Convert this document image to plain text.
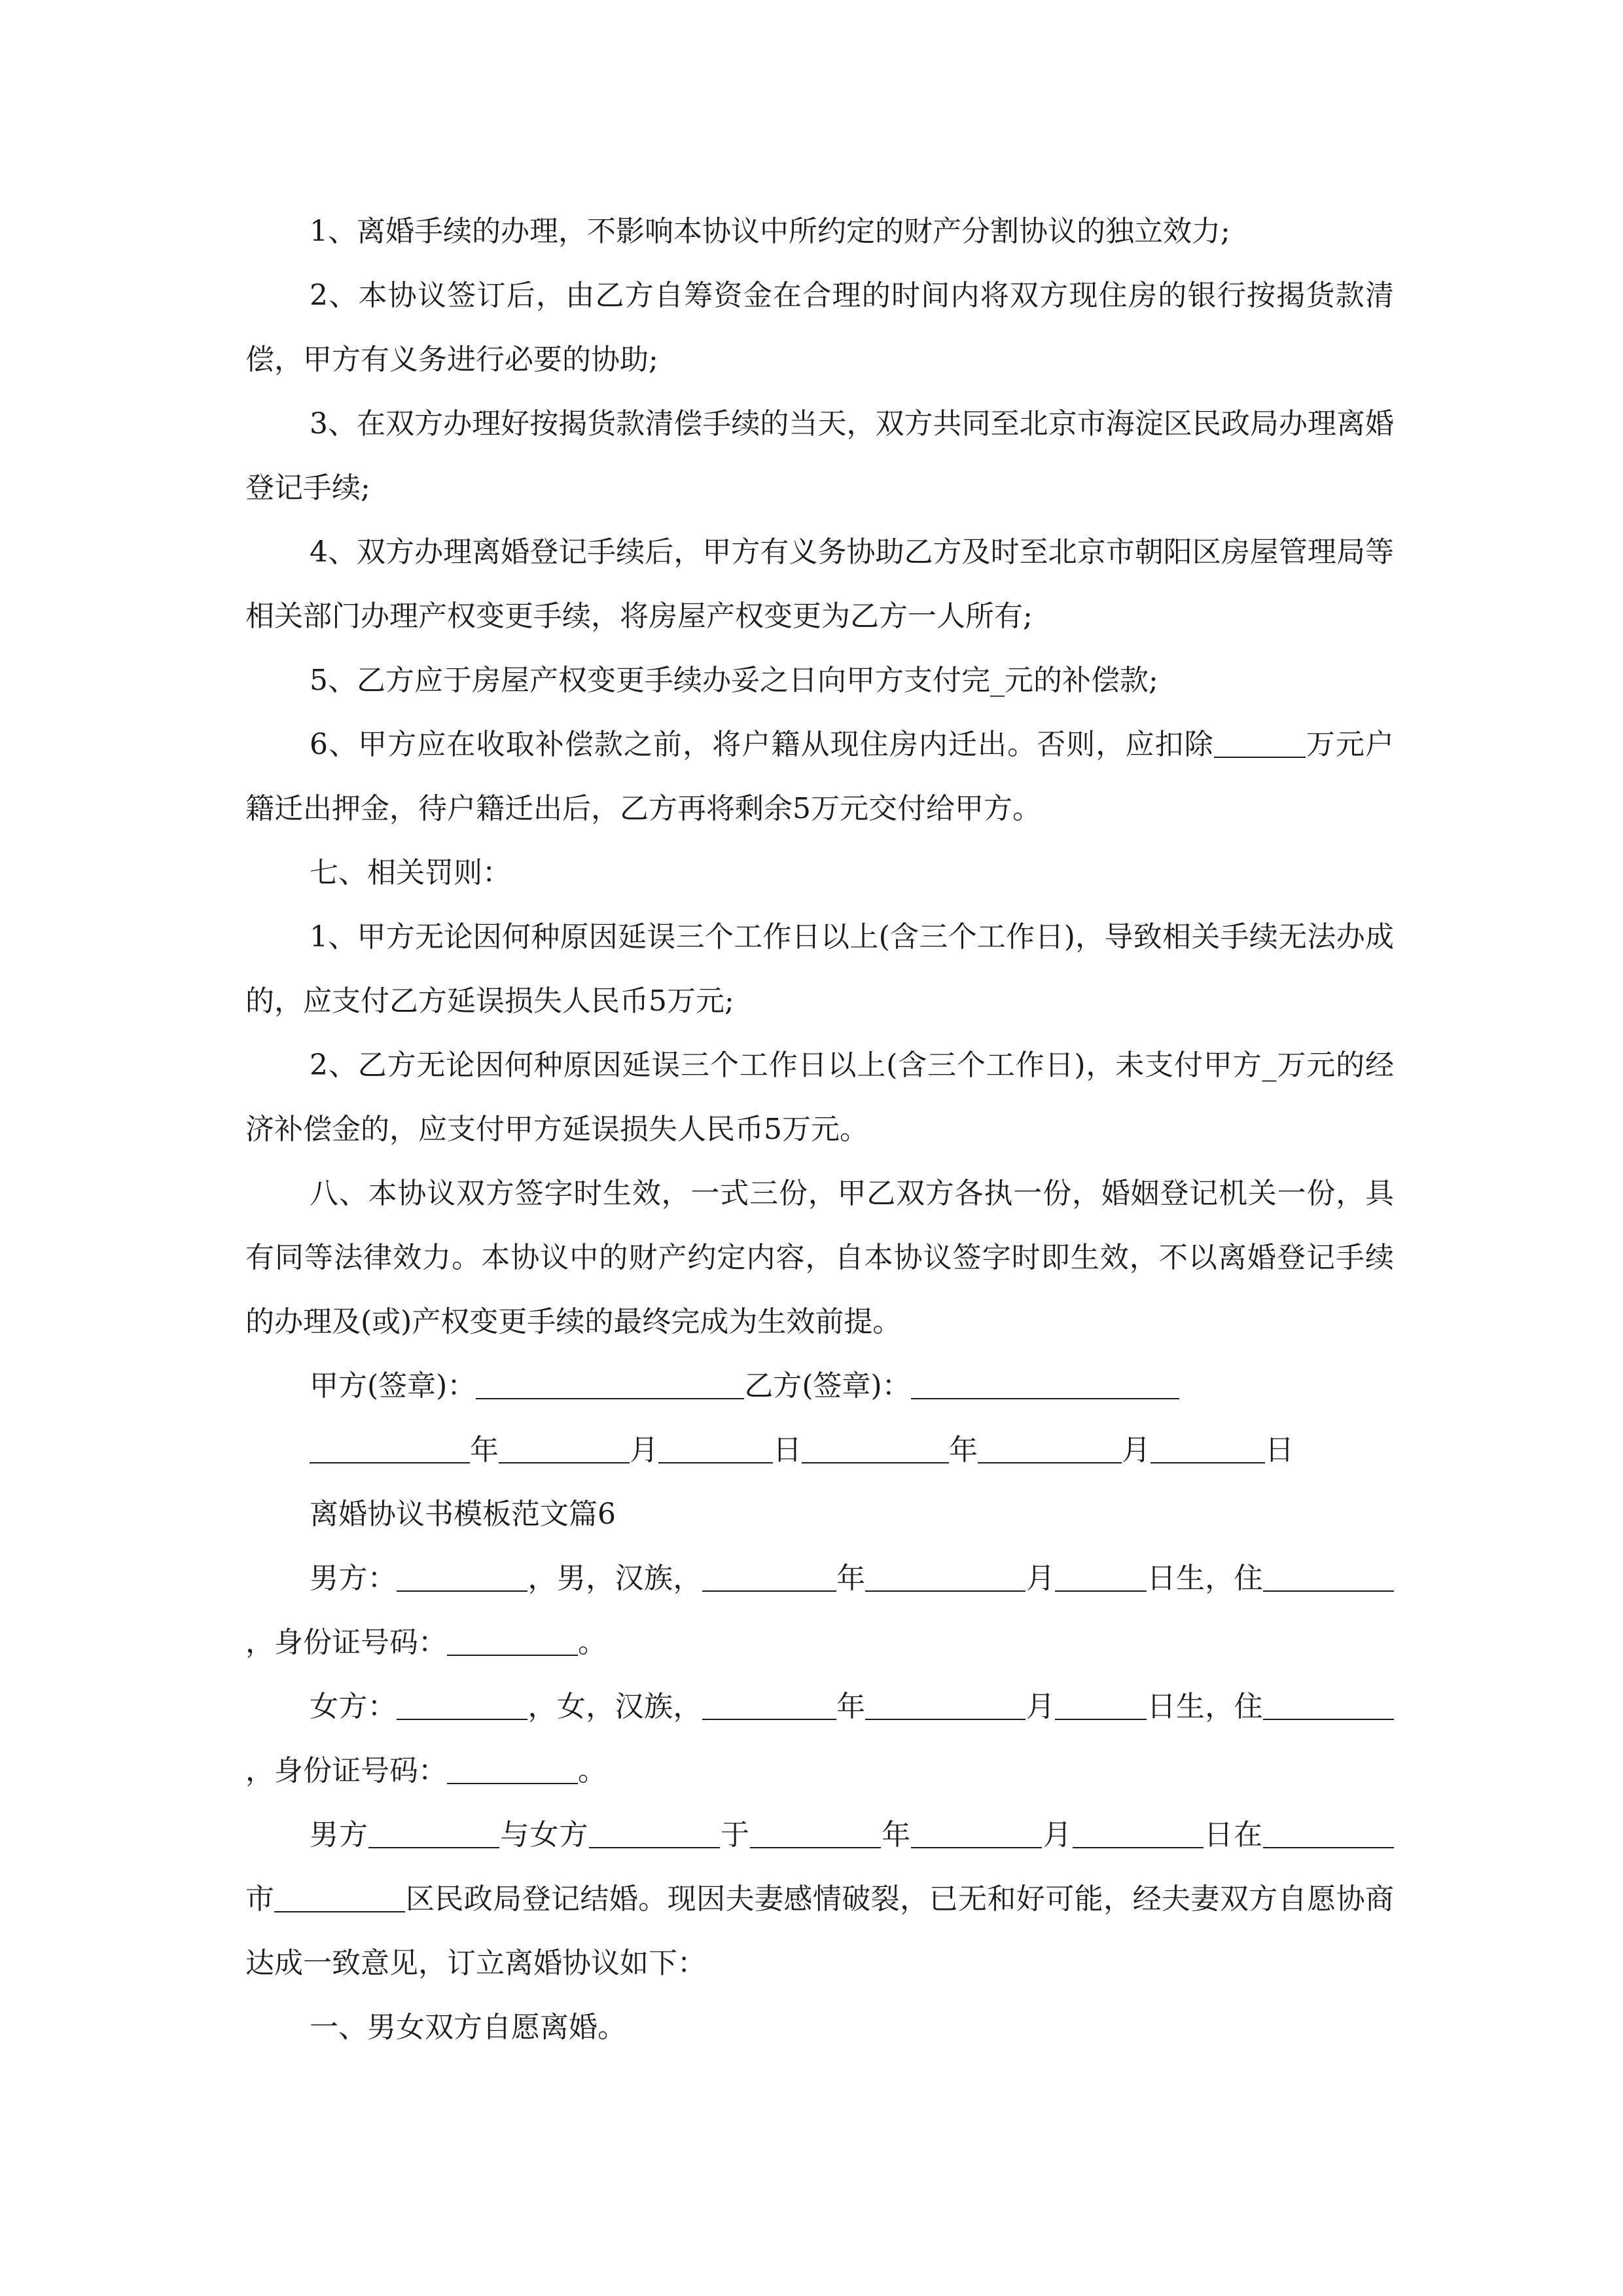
1、离婚手续的办理，不影响本协议中所约定的财产分割协议的独立效力;

2、本协议签订后，由乙方自筹资金在合理的时间内将双方现住房的银行按揭货款清偿，甲方有义务进行必要的协助;

3、在双方办理好按揭货款清偿手续的当天，双方共同至北京市海淀区民政局办理离婚登记手续;

4、双方办理离婚登记手续后，甲方有义务协助乙方及时至北京市朝阳区房屋管理局等相关部门办理产权变更手续，将房屋产权变更为乙方一人所有;

5、乙方应于房屋产权变更手续办妥之日向甲方支付完_元的补偿款;

6、甲方应在收取补偿款之前，将户籍从现住房内迁出。否则，应扣除	万元户籍迁出押金，待户籍迁出后，乙方再将剩余5万元交付给甲方。

七、相关罚则：

1、甲方无论因何种原因延误三个工作日以上(含三个工作日)，导致相关手续无法办成的，应支付乙方延误损失人民币5万元;

2、乙方无论因何种原因延误三个工作日以上(含三个工作日)，未支付甲方_万元的经济补偿金的，应支付甲方延误损失人民币5万元。

八、本协议双方签字时生效，一式三份，甲乙双方各执一份，婚姻登记机关一份，具有同等法律效力。本协议中的财产约定内容，自本协议签字时即生效，不以离婚登记手续的办理及(或)产权变更手续的最终完成为生效前提。

甲方(签章)：	乙方(签章)：

年	月	日	年	月	日

离婚协议书模板范文篇6

男方：	，男，汉族，	年	月	日生，住，身份证号码：	。

女方：	，女，汉族，	年	月	日生，住，身份证号码：	。

男方	与女方	于	年	月	日在市	区民政局登记结婚。现因夫妻感情破裂，已无和好可能，经夫妻双方自愿协商达成一致意见，订立离婚协议如下：

一、男女双方自愿离婚。
